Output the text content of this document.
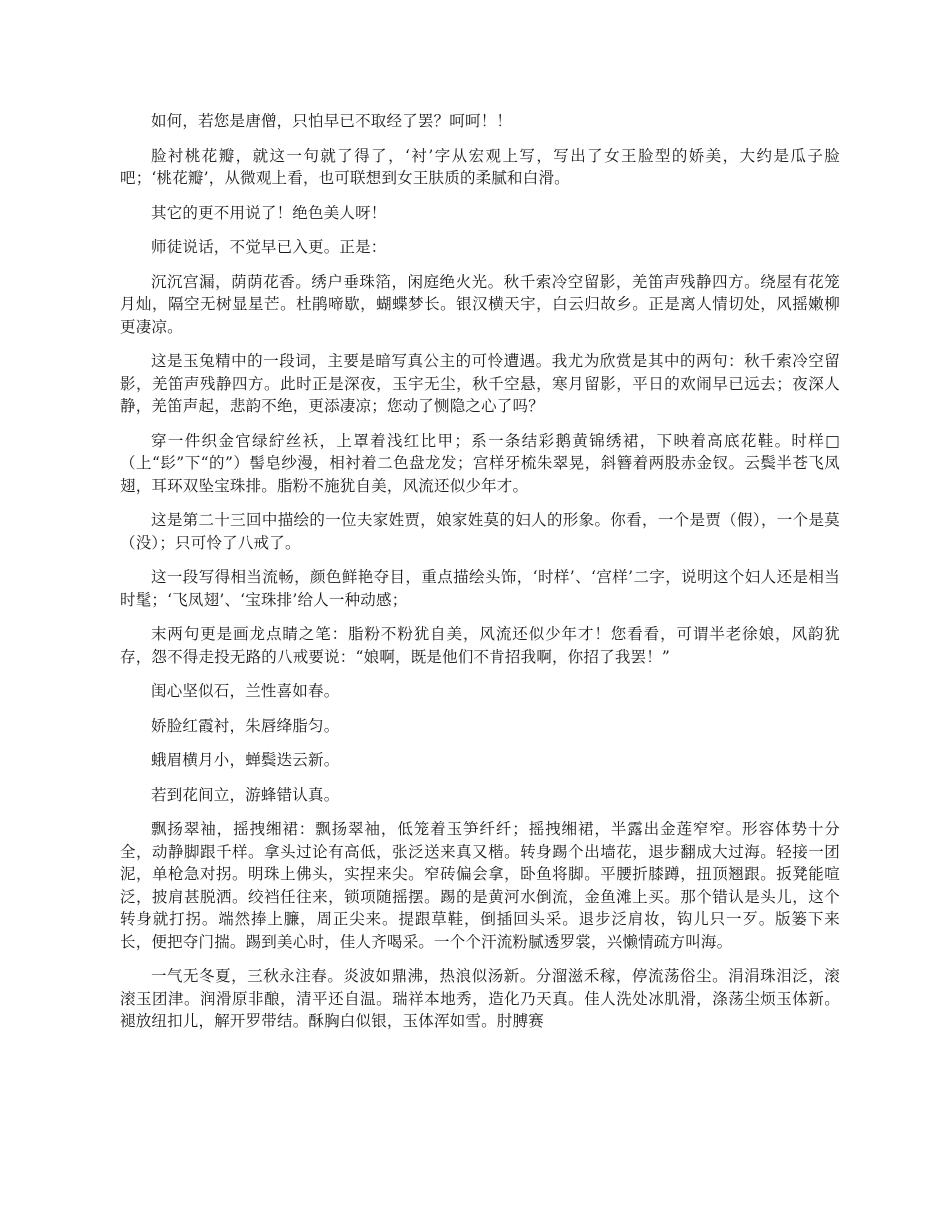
如何，若您是唐僧，只怕早已不取经了罢？呵呵！！

脸衬桃花瓣，就这一句就了得了，‘衬’字从宏观上写，写出了女王脸型的娇美，大约是瓜子脸吧；‘桃花瓣’，从微观上看，也可联想到女王肤质的柔腻和白滑。

其它的更不用说了！绝色美人呀！

师徒说话，不觉早已入更。正是：

沉沉宫漏，荫荫花香。绣户垂珠箔，闲庭绝火光。秋千索冷空留影，羌笛声残静四方。绕屋有花笼月灿，隔空无树显星芒。杜鹃啼歇，蝴蝶梦长。银汉横天宇，白云归故乡。正是离人情切处，风摇嫩柳更凄凉。

这是玉兔精中的一段词，主要是暗写真公主的可怜遭遇。我尤为欣赏是其中的两句：秋千索冷空留影，羌笛声残静四方。此时正是深夜，玉宇无尘，秋千空悬，寒月留影，平日的欢闹早已远去；夜深人静，羌笛声起，悲韵不绝，更添凄凉；您动了恻隐之心了吗？

穿一件织金官绿紵丝袄，上罩着浅红比甲；系一条结彩鹅黄锦绣裙，下映着高底花鞋。时样□（上“髟”下“的”）髻皂纱漫，相衬着二色盘龙发；宫样牙梳朱翠晃，斜簪着两股赤金钗。云鬓半苍飞凤翅，耳环双坠宝珠排。脂粉不施犹自美，风流还似少年才。

这是第二十三回中描绘的一位夫家姓贾，娘家姓莫的妇人的形象。你看，一个是贾（假），一个是莫（没）；只可怜了八戒了。

这一段写得相当流畅，颜色鲜艳夺目，重点描绘头饰，‘时样’、‘宫样’二字，说明这个妇人还是相当时髦；‘飞凤翅’、‘宝珠排’给人一种动感；

末两句更是画龙点睛之笔：脂粉不粉犹自美，风流还似少年才！您看看，可谓半老徐娘，风韵犹存，怨不得走投无路的八戒要说：“娘啊，既是他们不肯招我啊，你招了我罢！”

闺心坚似石，兰性喜如春。

娇脸红霞衬，朱唇绛脂匀。

蛾眉横月小，蝉鬓迭云新。

若到花间立，游蜂错认真。

飘扬翠袖，摇拽缃裙：飘扬翠袖，低笼着玉笋纤纤；摇拽缃裙，半露出金莲窄窄。形容体势十分全，动静脚跟千样。拿头过论有高低，张泛送来真又楷。转身踢个出墙花，退步翻成大过海。轻接一团泥，单枪急对拐。明珠上佛头，实捏来尖。窄砖偏会拿，卧鱼将脚。平腰折膝蹲，扭顶翘跟。扳凳能喧泛，披肩甚脱洒。绞裆任往来，锁项随摇摆。踢的是黄河水倒流，金鱼滩上买。那个错认是头儿，这个转身就打拐。端然捧上臁，周正尖来。提跟草鞋，倒插回头采。退步泛肩妆，钩儿只一歹。版篓下来长，便把夺门揣。踢到美心时，佳人齐喝采。一个个汗流粉腻透罗裳，兴懒情疏方叫海。

一气无冬夏，三秋永注春。炎波如鼎沸，热浪似汤新。分溜滋禾稼，停流荡俗尘。涓涓珠泪泛，滚滚玉团津。润滑原非酿，清平还自温。瑞祥本地秀，造化乃天真。佳人洗处冰肌滑，涤荡尘烦玉体新。褪放纽扣儿，解开罗带结。酥胸白似银，玉体浑如雪。肘膊赛
